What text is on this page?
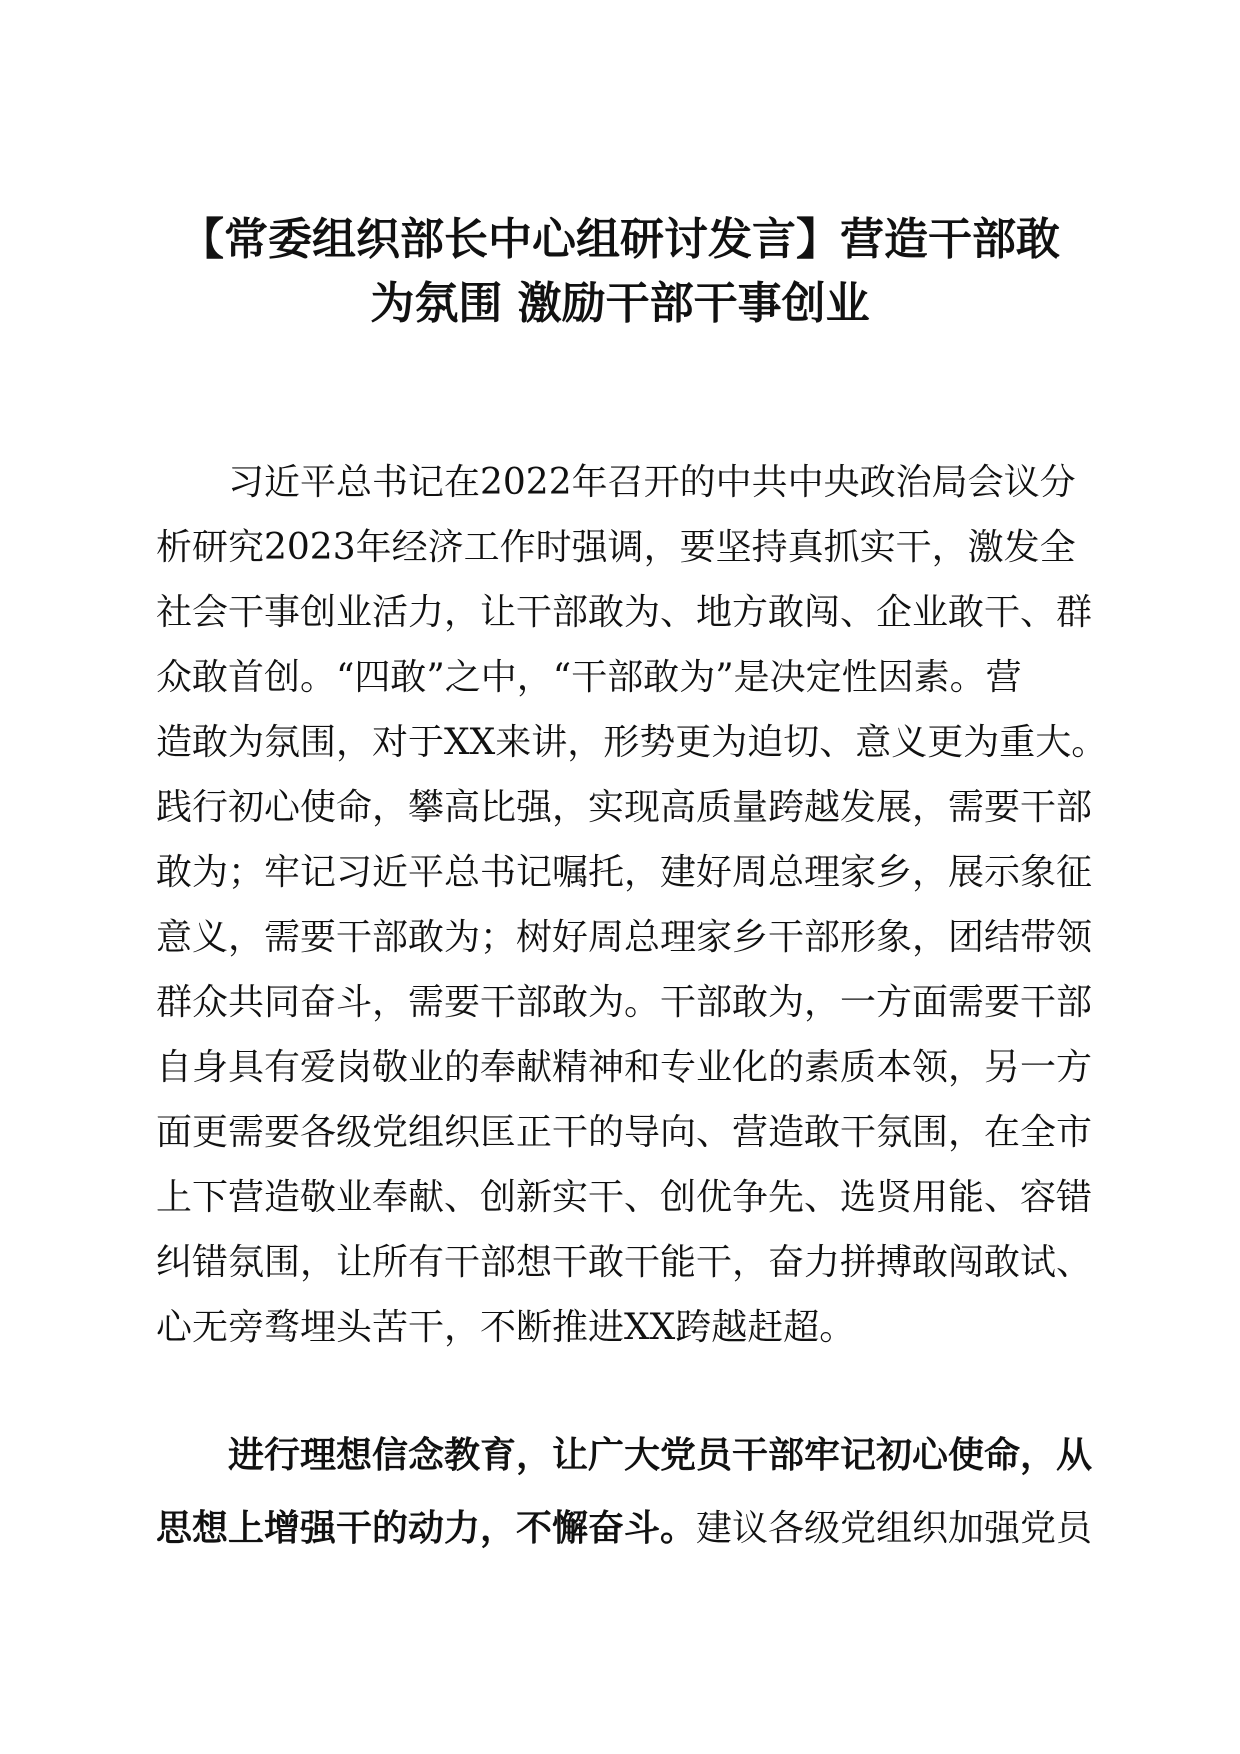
【常委组织部长中心组研讨发言】营造干部敢
为氛围 激励干部干事创业
习近平总书记在2022年召开的中共中央政治局会议分
析研究2023年经济工作时强调，要坚持真抓实干，激发全
社会干事创业活力，让干部敢为、地方敢闯、企业敢干、群
众敢首创。“四敢”之中，“干部敢为”是决定性因素。营
造敢为氛围，对于XX来讲，形势更为迫切、意义更为重大。
践行初心使命，攀高比强，实现高质量跨越发展，需要干部
敢为；牢记习近平总书记嘱托，建好周总理家乡，展示象征
意义，需要干部敢为；树好周总理家乡干部形象，团结带领
群众共同奋斗，需要干部敢为。干部敢为，一方面需要干部
自身具有爱岗敬业的奉献精神和专业化的素质本领，另一方
面更需要各级党组织匡正干的导向、营造敢干氛围，在全市
上下营造敬业奉献、创新实干、创优争先、选贤用能、容错
纠错氛围，让所有干部想干敢干能干，奋力拼搏敢闯敢试、
心无旁骛埋头苦干，不断推进XX跨越赶超。
进行理想信念教育，让广大党员干部牢记初心使命，从
思想上增强干的动力，不懈奋斗。建议各级党组织加强党员
